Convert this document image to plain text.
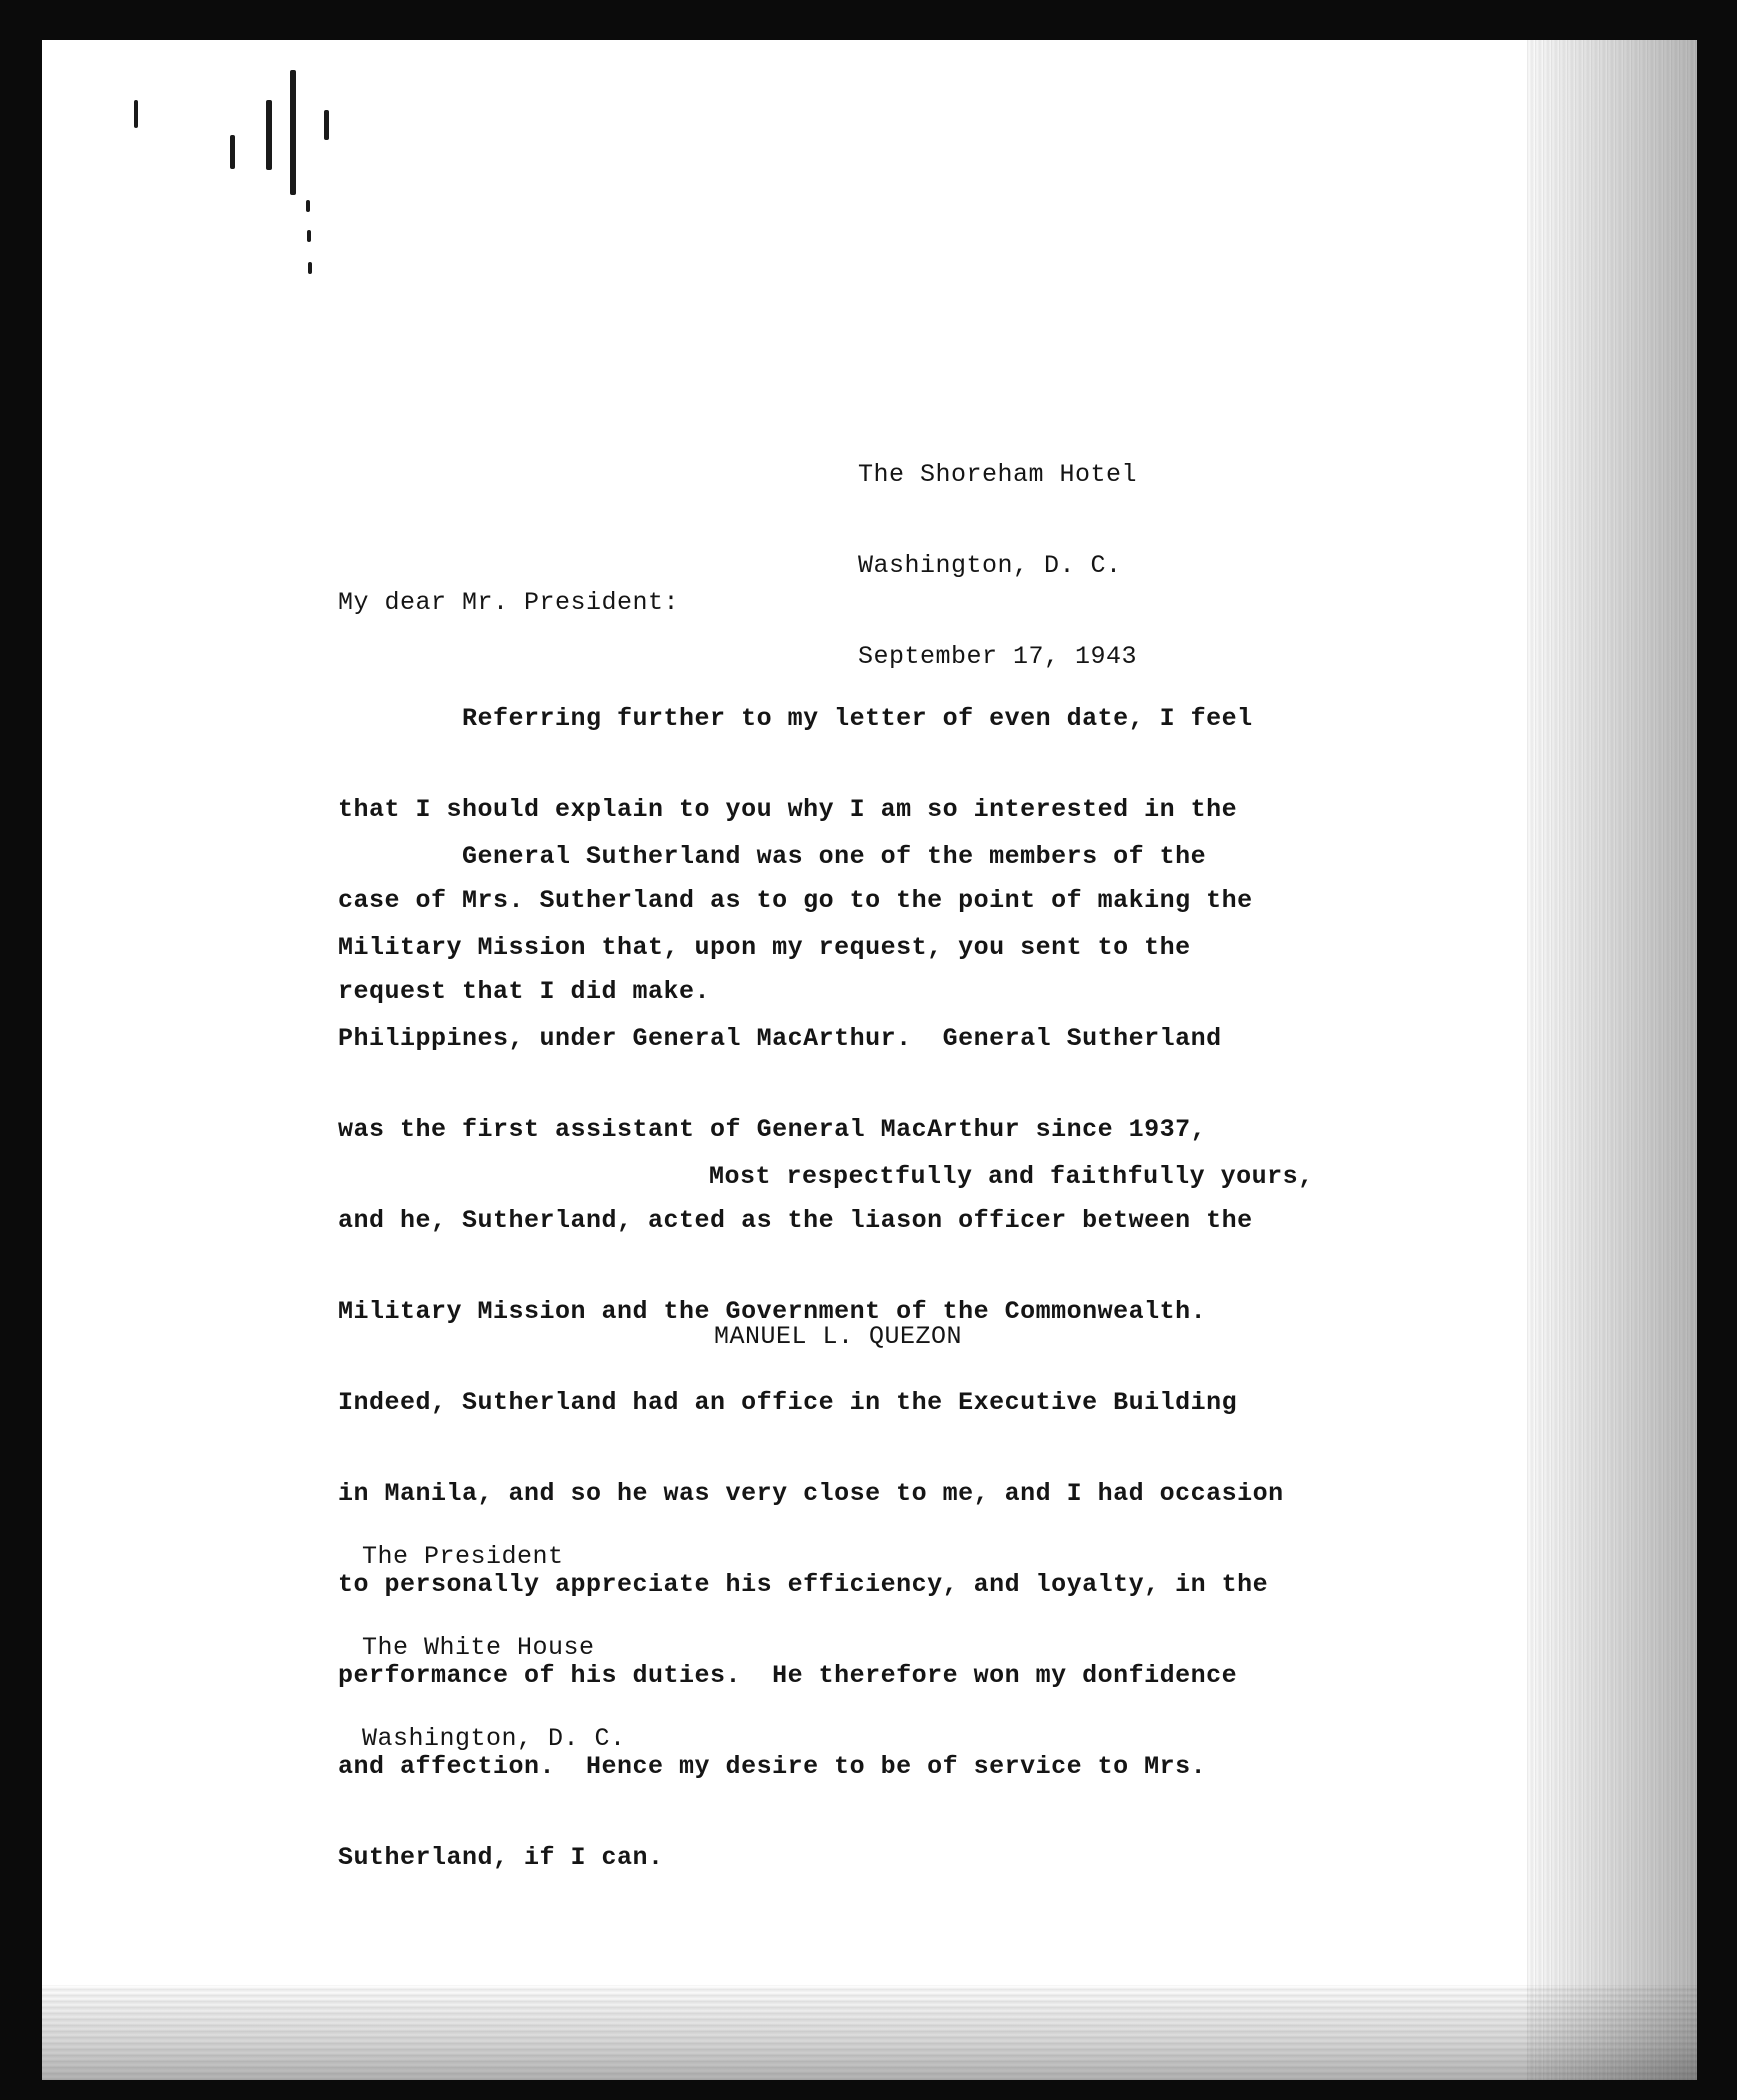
The Shoreham Hotel

Washington, D. C.

September 17, 1943

My dear Mr. President:

Referring further to my letter of even date, I feel

that I should explain to you why I am so interested in the

case of Mrs. Sutherland as to go to the point of making the

request that I did make.

General Sutherland was one of the members of the

Military Mission that, upon my request, you sent to the

Philippines, under General MacArthur.  General Sutherland

was the first assistant of General MacArthur since 1937,

and he, Sutherland, acted as the liason officer between the

Military Mission and the Government of the Commonwealth.

Indeed, Sutherland had an office in the Executive Building

in Manila, and so he was very close to me, and I had occasion

to personally appreciate his efficiency, and loyalty, in the

performance of his duties.  He therefore won my donfidence

and affection.  Hence my desire to be of service to Mrs.

Sutherland, if I can.

Most respectfully and faithfully yours,
MANUEL L. QUEZON

The President

The White House

Washington, D. C.
